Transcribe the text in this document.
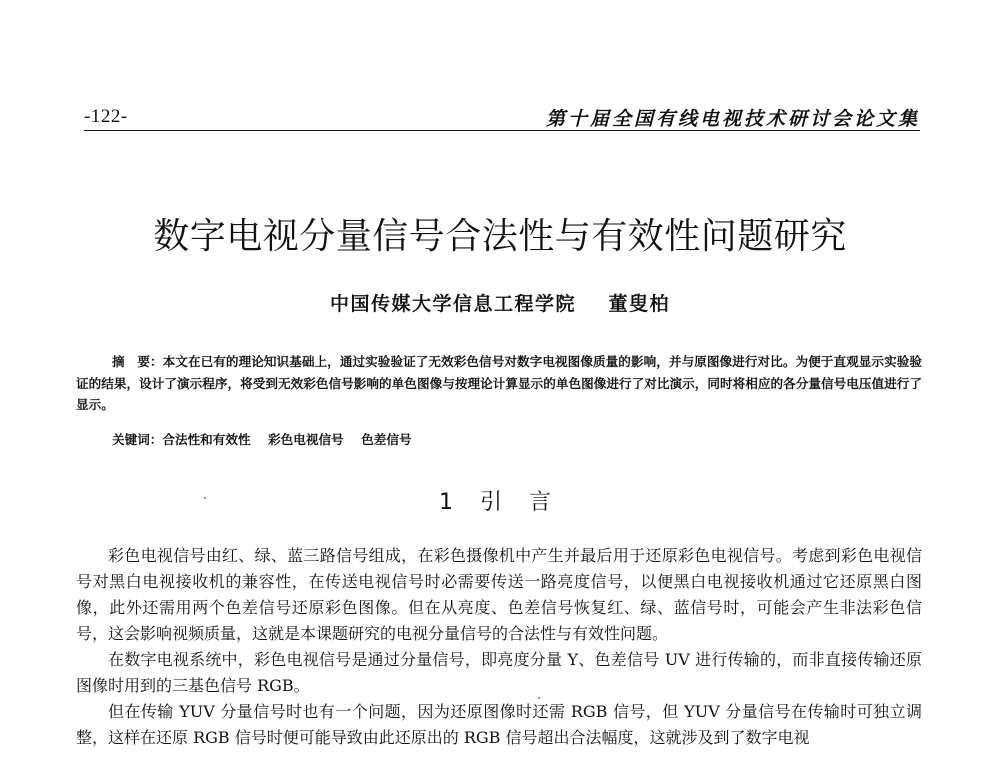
-122-	第十届全国有线电视技术研讨会论文集
数字电视分量信号合法性与有效性问题研究
中国传媒大学信息工程学院    董叟柏
摘　要：本文在已有的理论知识基础上，通过实验验证了无效彩色信号对数字电视图像质量的影响，并与原图像进行对比。为便于直观显示实验验证的结果，设计了演示程序，将受到无效彩色信号影响的单色图像与按理论计算显示的单色图像进行了对比演示，同时将相应的各分量信号电压值进行了显示。
关键词：合法性和有效性    彩色电视信号    色差信号
1 引 言

彩色电视信号由红、绿、蓝三路信号组成，在彩色摄像机中产生并最后用于还原彩色电视信号。考虑到彩色电视信号对黑白电视接收机的兼容性，在传送电视信号时必需要传送一路亮度信号，以便黑白电视接收机通过它还原黑白图像，此外还需用两个色差信号还原彩色图像。但在从亮度、色差信号恢复红、绿、蓝信号时，可能会产生非法彩色信号，这会影响视频质量，这就是本课题研究的电视分量信号的合法性与有效性问题。

在数字电视系统中，彩色电视信号是通过分量信号，即亮度分量 Y、色差信号 UV 进行传输的，而非直接传输还原图像时用到的三基色信号 RGB。

但在传输 YUV 分量信号时也有一个问题，因为还原图像时还需 RGB 信号，但 YUV 分量信号在传输时可独立调整，这样在还原 RGB 信号时便可能导致由此还原出的 RGB 信号超出合法幅度，这就涉及到了数字电视
